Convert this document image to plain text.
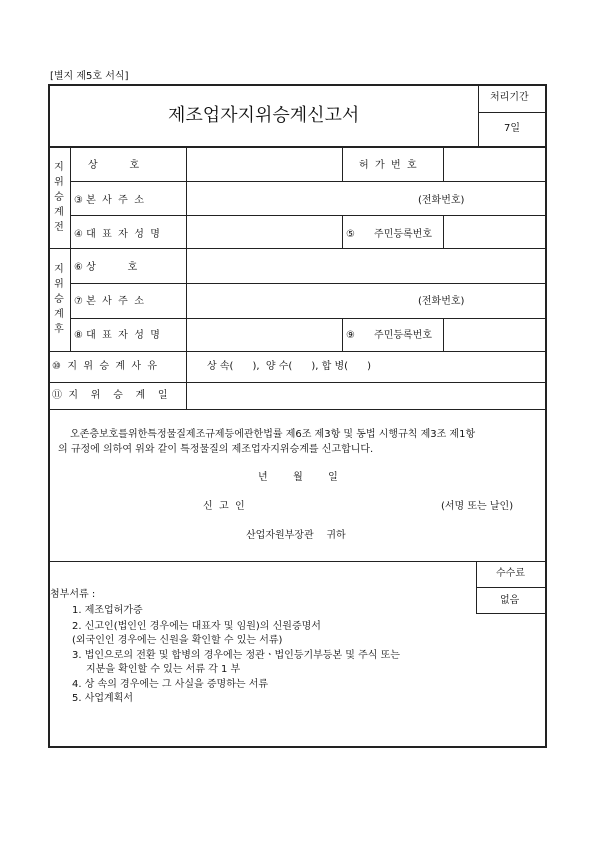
[별지 제5호 서식]
제조업자지위승계신고서
처리기간
7일
지
위
승
계
전
지
위
승
계
후
상          호	허  가  번  호
③ 본  사  주  소	(전화번호)
④ 대  표  자  성  명	⑤      주민등록번호
⑥ 상          호
⑦ 본  사  주  소	(전화번호)
⑧ 대  표  자  성  명	⑨      주민등록번호
⑩  지  위  승  계  사  유	상 속(      ),  양 수(      ), 합 병(      )
⑪  지    위    승    계    일
오존층보호를위한특정물질제조규제등에관한법률 제6조 제3항 및 동법 시행규칙 제3조 제1항
의 규정에 의하여 위와 같이 특정물질의 제조업자지위승계를 신고합니다.
년        월        일
신  고  인	(서명 또는 날인)
산업자원부장관    귀하
수수료
없음
첨부서류 :
1. 제조업허가증
2. 신고인(법인인 경우에는 대표자 및 임원)의 신원증명서
(외국인인 경우에는 신원을 확인할 수 있는 서류)
3. 법인으로의 전환 및 합병의 경우에는 정관ㆍ법인등기부등본 및 주식 또는
지분을 확인할 수 있는 서류 각 1 부
4. 상 속의 경우에는 그 사실을 증명하는 서류
5. 사업계획서
